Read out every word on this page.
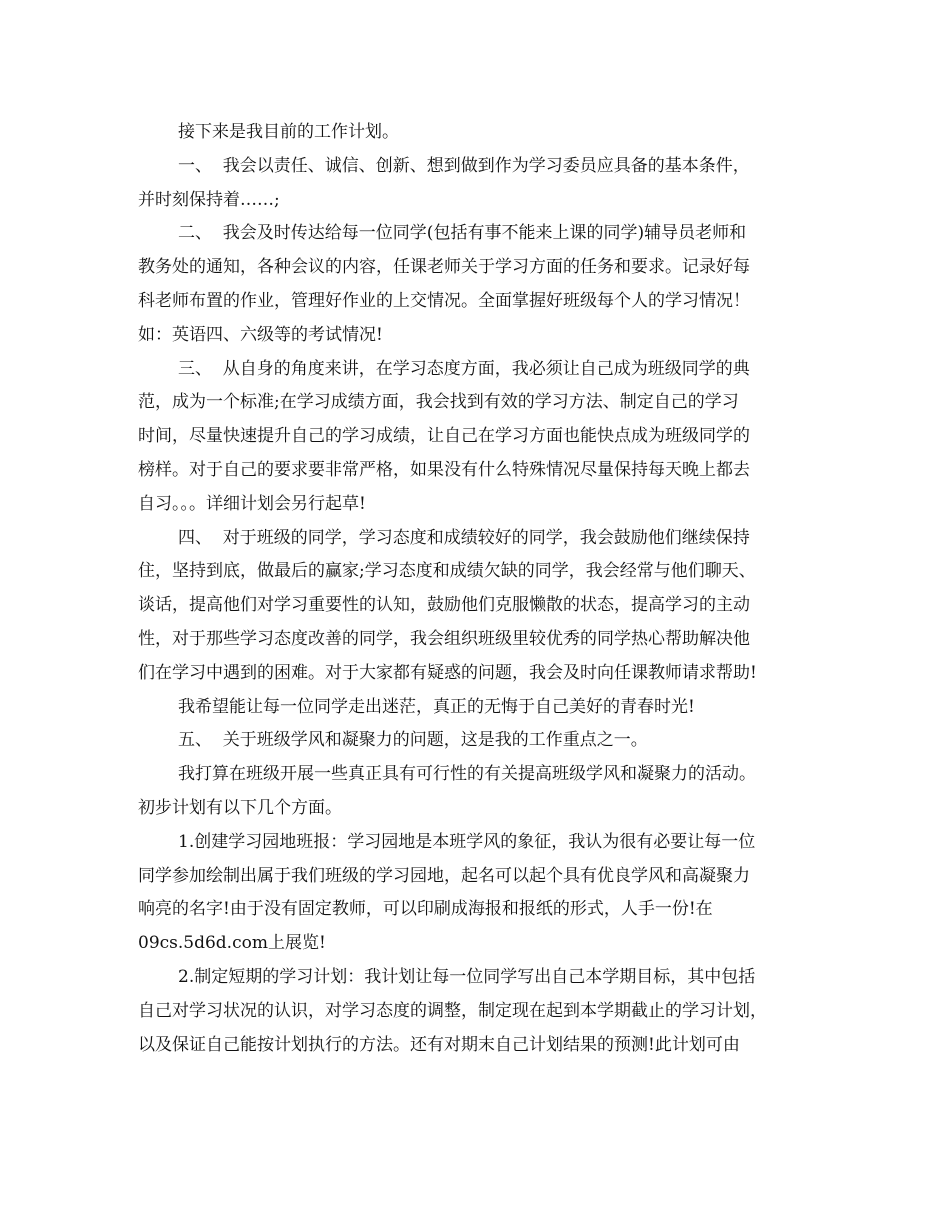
接下来是我目前的工作计划。
一、  我会以责任、诚信、创新、想到做到作为学习委员应具备的基本条件，
并时刻保持着……;
二、  我会及时传达给每一位同学(包括有事不能来上课的同学)辅导员老师和
教务处的通知，各种会议的内容，任课老师关于学习方面的任务和要求。记录好每
科老师布置的作业，管理好作业的上交情况。全面掌握好班级每个人的学习情况！
如：英语四、六级等的考试情况!
三、  从自身的角度来讲，在学习态度方面，我必须让自己成为班级同学的典
范，成为一个标准;在学习成绩方面，我会找到有效的学习方法、制定自己的学习
时间，尽量快速提升自己的学习成绩，让自己在学习方面也能快点成为班级同学的
榜样。对于自己的要求要非常严格，如果没有什么特殊情况尽量保持每天晚上都去
自习。。。详细计划会另行起草!
四、  对于班级的同学，学习态度和成绩较好的同学，我会鼓励他们继续保持
住，坚持到底，做最后的赢家;学习态度和成绩欠缺的同学，我会经常与他们聊天、
谈话，提高他们对学习重要性的认知，鼓励他们克服懒散的状态，提高学习的主动
性，对于那些学习态度改善的同学，我会组织班级里较优秀的同学热心帮助解决他
们在学习中遇到的困难。对于大家都有疑惑的问题，我会及时向任课教师请求帮助!
我希望能让每一位同学走出迷茫，真正的无悔于自己美好的青春时光!
五、  关于班级学风和凝聚力的问题，这是我的工作重点之一。
我打算在班级开展一些真正具有可行性的有关提高班级学风和凝聚力的活动。
初步计划有以下几个方面。
1.创建学习园地班报：学习园地是本班学风的象征，我认为很有必要让每一位
同学参加绘制出属于我们班级的学习园地，起名可以起个具有优良学风和高凝聚力
响亮的名字!由于没有固定教师，可以印刷成海报和报纸的形式，人手一份!在
09cs.5d6d.com上展览!
2.制定短期的学习计划：我计划让每一位同学写出自己本学期目标，其中包括
自己对学习状况的认识，对学习态度的调整，制定现在起到本学期截止的学习计划，
以及保证自己能按计划执行的方法。还有对期末自己计划结果的预测!此计划可由
